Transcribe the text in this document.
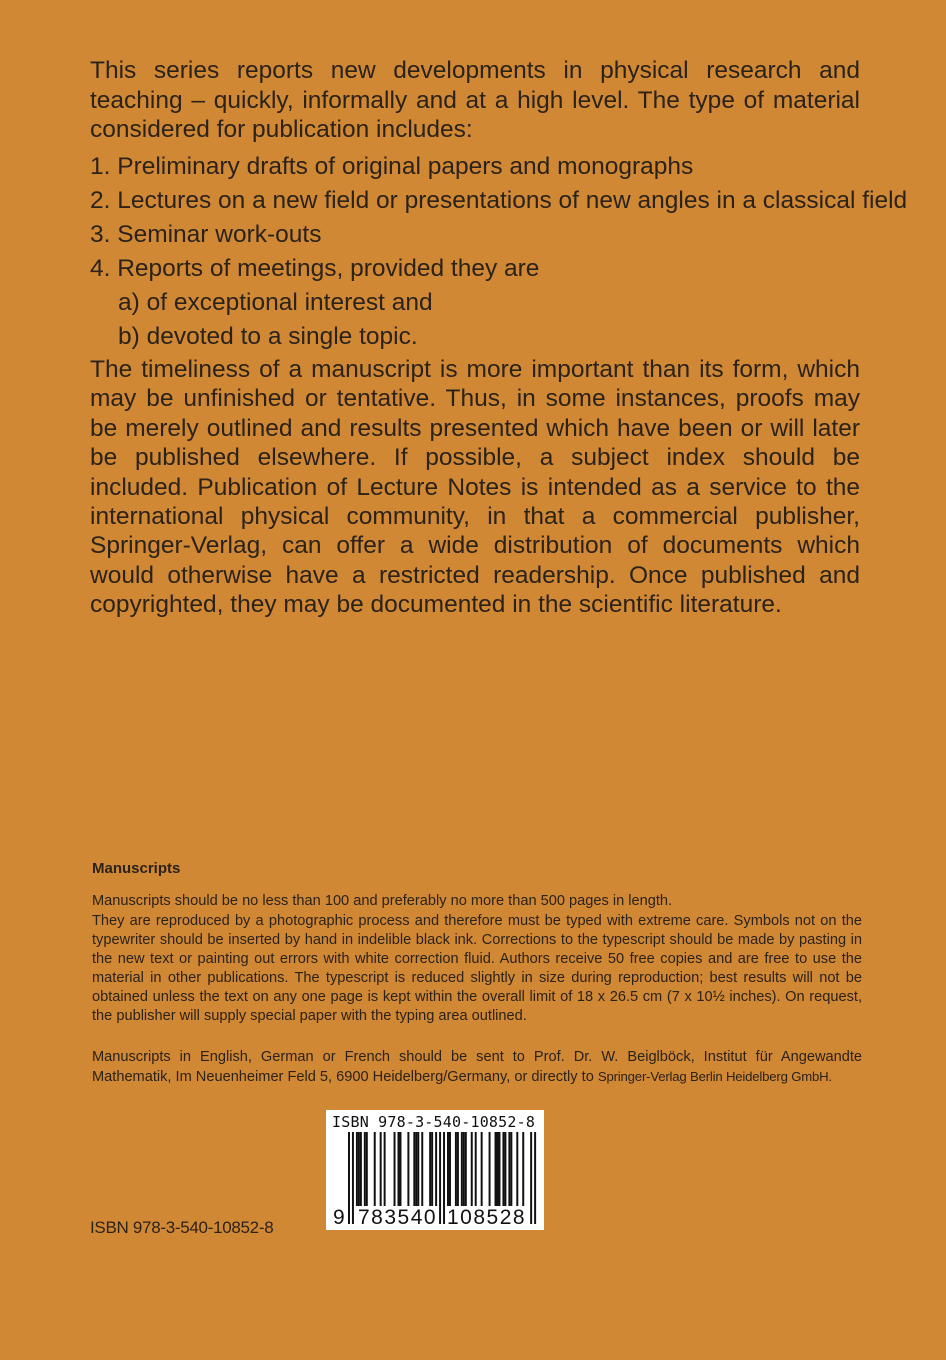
This series reports new developments in physical research and teaching – quickly, informally and at a high level. The type of material considered for publication includes:

1. Preliminary drafts of original papers and monographs
2. Lectures on a new field or presentations of new angles in a classical field
3. Seminar work-outs
4. Reports of meetings, provided they are
a) of exceptional interest and
b) devoted to a single topic.

The timeliness of a manuscript is more important than its form, which may be unfinished or tentative. Thus, in some instances, proofs may be merely outlined and results presented which have been or will later be published elsewhere. If possible, a subject index should be included. Publication of Lecture Notes is intended as a service to the international physical community, in that a commercial publisher, Springer-Verlag, can offer a wide distribution of documents which would otherwise have a restricted readership. Once published and copyrighted, they may be documented in the scientific literature.

Manuscripts

Manuscripts should be no less than 100 and preferably no more than 500 pages in length.

They are reproduced by a photographic process and therefore must be typed with extreme care. Symbols not on the typewriter should be inserted by hand in indelible black ink. Corrections to the typescript should be made by pasting in the new text or painting out errors with white correction fluid. Authors receive 50 free copies and are free to use the material in other publications. The typescript is reduced slightly in size during reproduction; best results will not be obtained unless the text on any one page is kept within the overall limit of 18 x 26.5 cm (7 x 10½ inches). On request, the publisher will supply special paper with the typing area outlined.

Manuscripts in English, German or French should be sent to Prof. Dr. W. Beiglböck, Institut für Angewandte Mathematik, Im Neuenheimer Feld 5, 6900 Heidelberg/Germany, or directly to Springer-Verlag Berlin Heidelberg GmbH.

ISBN 978-3-540-10852-8
9 783540 108528

ISBN 978-3-540-10852-8
